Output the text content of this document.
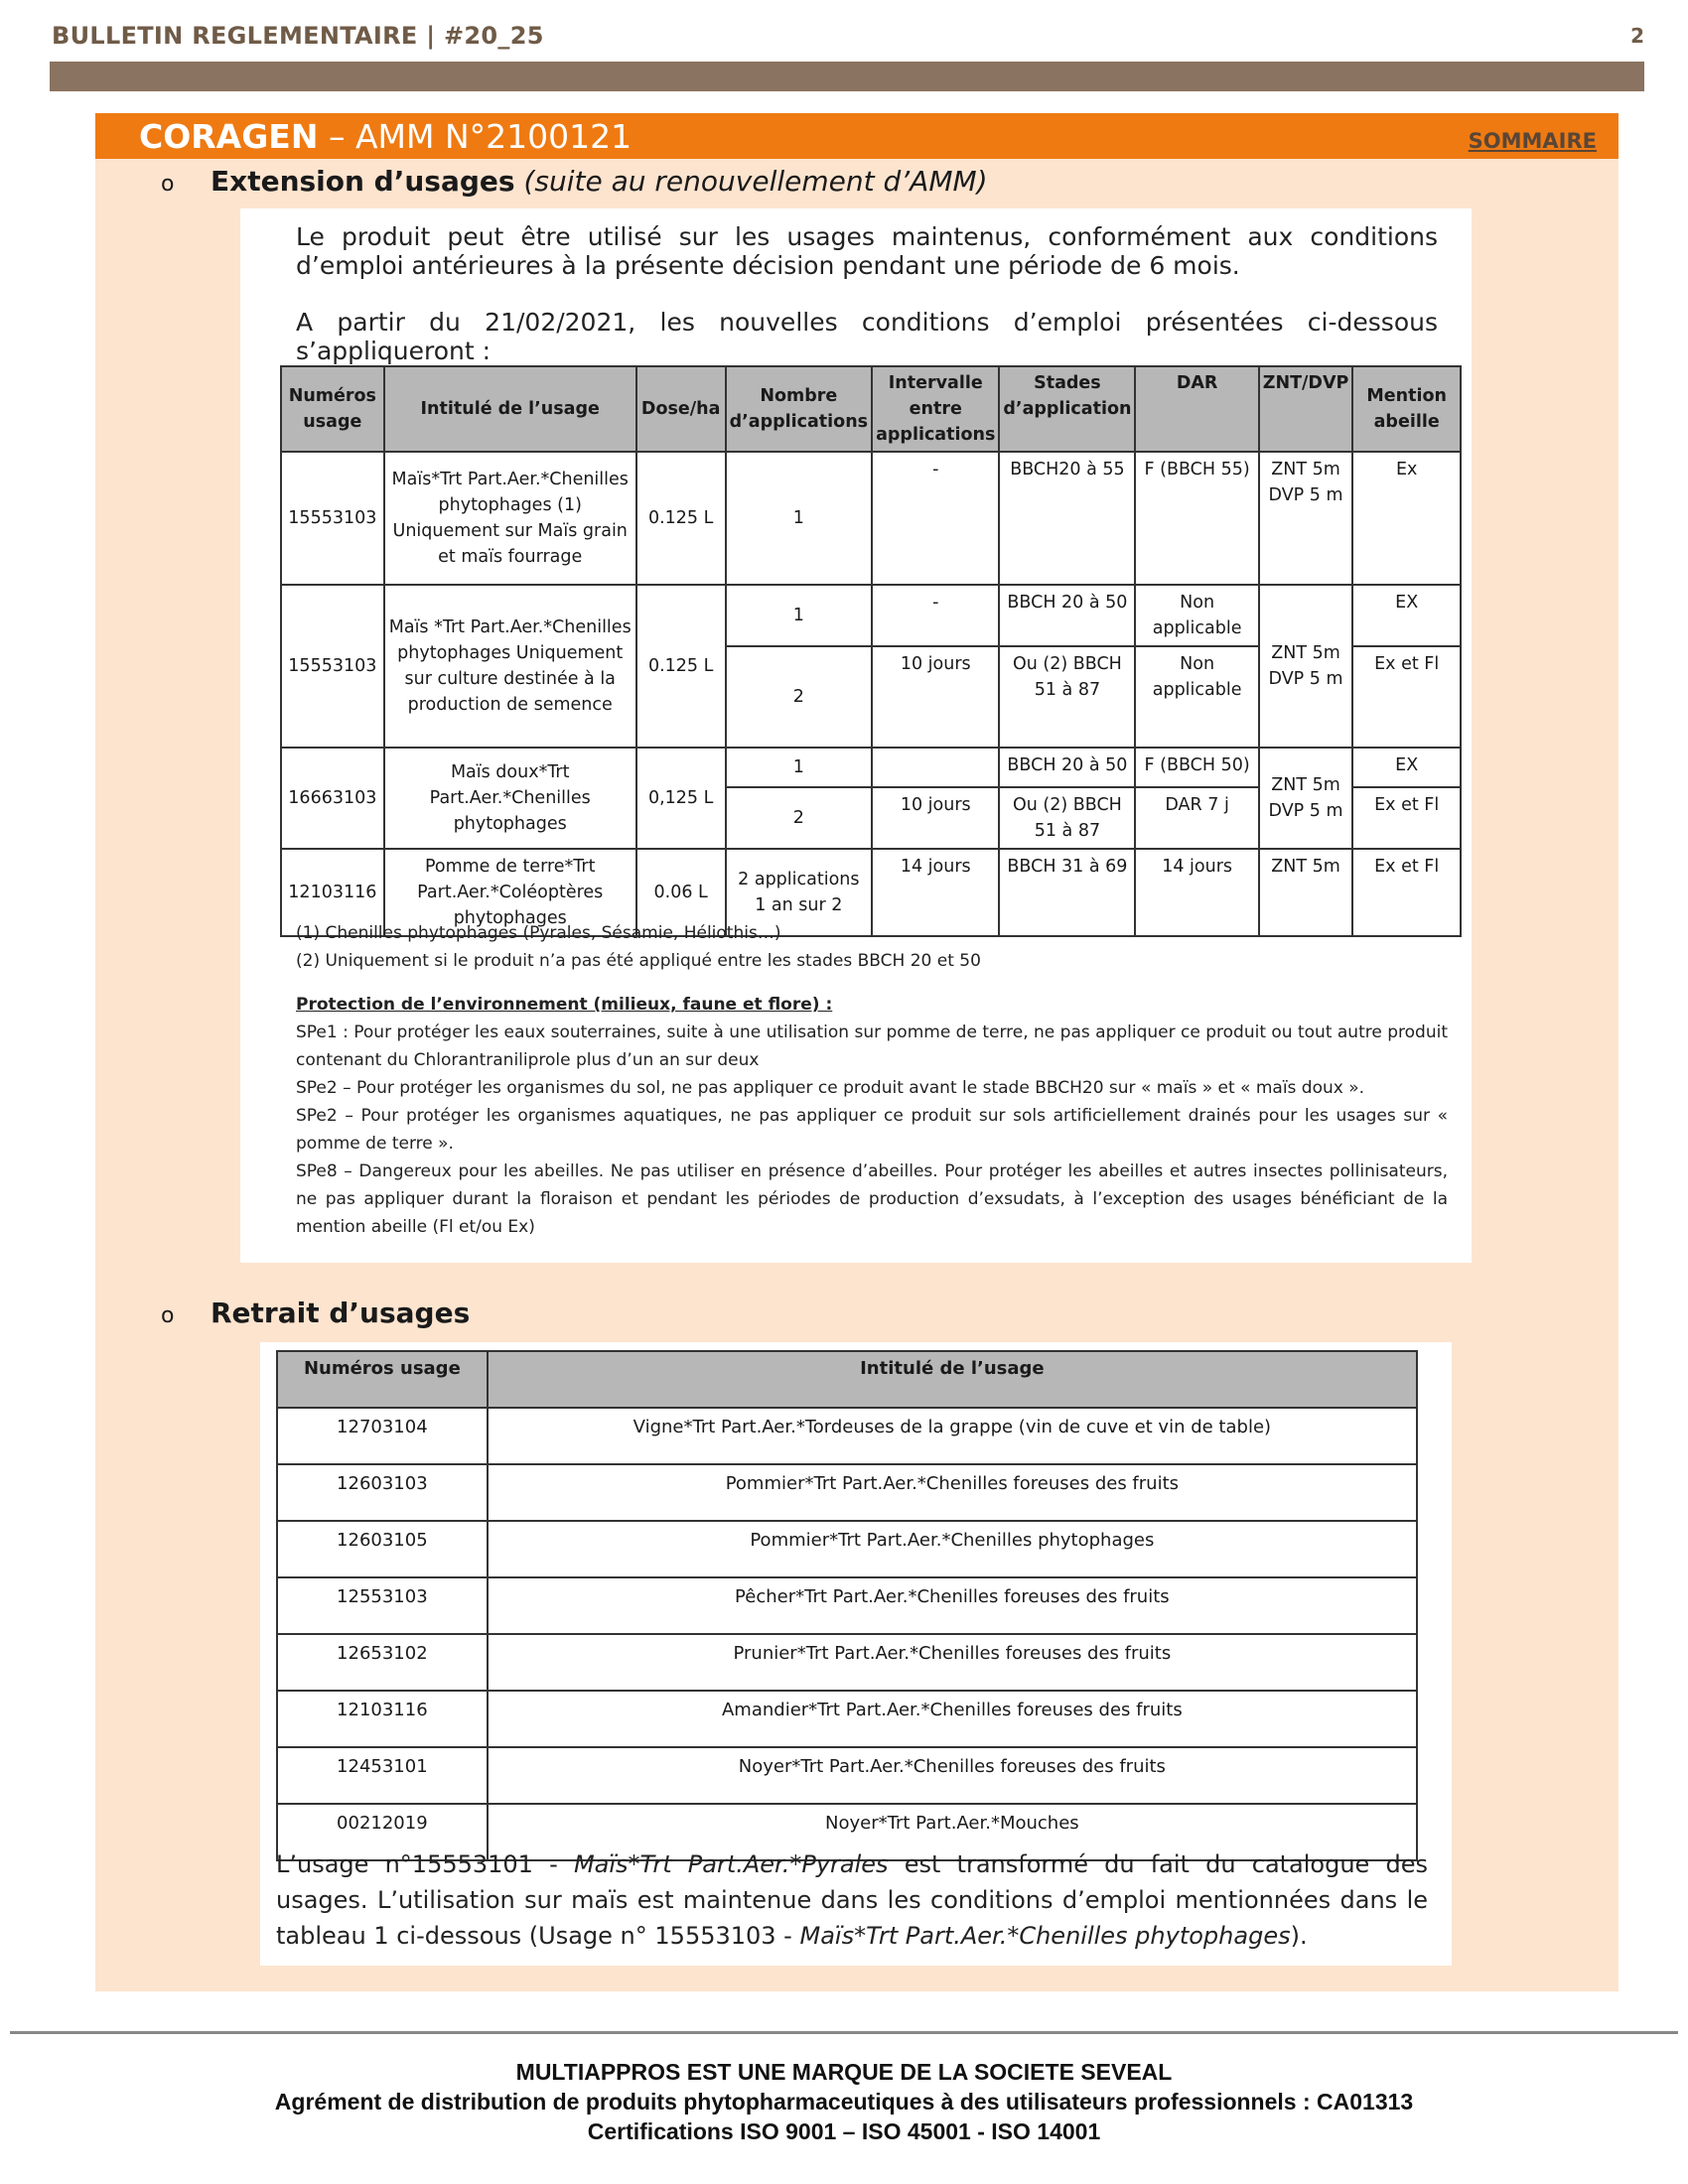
BULLETIN REGLEMENTAIRE | #20_25	2
CORAGEN – AMM N°2100121	SOMMAIRE
o Extension d’usages (suite au renouvellement d’AMM)
Le produit peut être utilisé sur les usages maintenus, conformément aux conditions d’emploi antérieures à la présente décision pendant une période de 6 mois.
A partir du 21/02/2021, les nouvelles conditions d’emploi présentées ci-dessous s’appliqueront :
Numéros usage	Intitulé de l’usage	Dose/ha	Nombre d’applications	Intervalle entre applications	Stades d’application	DAR	ZNT/DVP	Mention abeille
15553103	Maïs*Trt Part.Aer.*Chenilles phytophages (1) Uniquement sur Maïs grain et maïs fourrage	0.125 L	1	-	BBCH20 à 55	F (BBCH 55)	ZNT 5m DVP 5 m	Ex
15553103	Maïs *Trt Part.Aer.*Chenilles phytophages Uniquement sur culture destinée à la production de semence	0.125 L	1	-	BBCH 20 à 50	Non applicable	ZNT 5m DVP 5 m	EX
			2	10 jours	Ou (2) BBCH 51 à 87	Non applicable		Ex et Fl
16663103	Maïs doux*Trt Part.Aer.*Chenilles phytophages	0,125 L	1		BBCH 20 à 50	F (BBCH 50)	ZNT 5m DVP 5 m	EX
			2	10 jours	Ou (2) BBCH 51 à 87	DAR 7 j		Ex et Fl
12103116	Pomme de terre*Trt Part.Aer.*Coléoptères phytophages	0.06 L	2 applications 1 an sur 2	14 jours	BBCH 31 à 69	14 jours	ZNT 5m	Ex et Fl

(1) Chenilles phytophages (Pyrales, Sésamie, Héliothis…)

(2) Uniquement si le produit n’a pas été appliqué entre les stades BBCH 20 et 50

Protection de l’environnement (milieux, faune et flore) :

SPe1 : Pour protéger les eaux souterraines, suite à une utilisation sur pomme de terre, ne pas appliquer ce produit ou tout autre produit contenant du Chlorantraniliprole plus d’un an sur deux

SPe2 – Pour protéger les organismes du sol, ne pas appliquer ce produit avant le stade BBCH20 sur « maïs » et « maïs doux ».

SPe2 – Pour protéger les organismes aquatiques, ne pas appliquer ce produit sur sols artificiellement drainés pour les usages sur « pomme de terre ».

SPe8 – Dangereux pour les abeilles. Ne pas utiliser en présence d’abeilles. Pour protéger les abeilles et autres insectes pollinisateurs, ne pas appliquer durant la floraison et pendant les périodes de production d’exsudats, à l’exception des usages bénéficiant de la mention abeille (Fl et/ou Ex)

o Retrait d’usages
Numéros usage	Intitulé de l’usage
12703104	Vigne*Trt Part.Aer.*Tordeuses de la grappe (vin de cuve et vin de table)
12603103	Pommier*Trt Part.Aer.*Chenilles foreuses des fruits
12603105	Pommier*Trt Part.Aer.*Chenilles phytophages
12553103	Pêcher*Trt Part.Aer.*Chenilles foreuses des fruits
12653102	Prunier*Trt Part.Aer.*Chenilles foreuses des fruits
12103116	Amandier*Trt Part.Aer.*Chenilles foreuses des fruits
12453101	Noyer*Trt Part.Aer.*Chenilles foreuses des fruits
00212019	Noyer*Trt Part.Aer.*Mouches
L’usage n°15553101 - Maïs*Trt Part.Aer.*Pyrales est transformé du fait du catalogue des usages. L’utilisation sur maïs est maintenue dans les conditions d’emploi mentionnées dans le tableau 1 ci-dessous (Usage n° 15553103 - Maïs*Trt Part.Aer.*Chenilles phytophages).
MULTIAPPROS EST UNE MARQUE DE LA SOCIETE SEVEAL
Agrément de distribution de produits phytopharmaceutiques à des utilisateurs professionnels : CA01313
Certifications ISO 9001 – ISO 45001 - ISO 14001
